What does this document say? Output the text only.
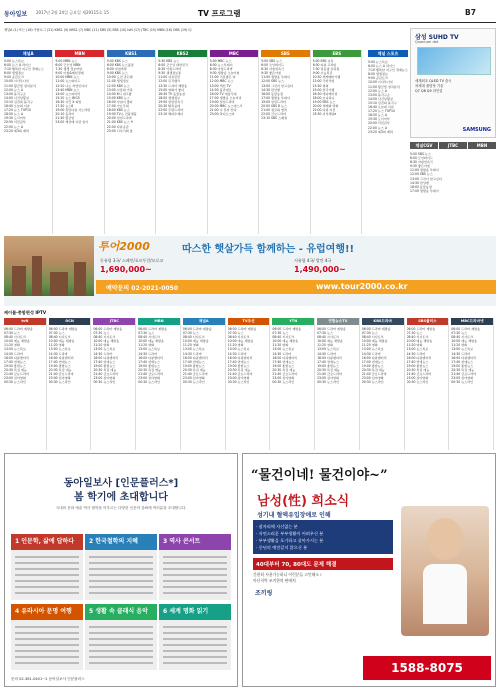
동아일보 2017년 2월 24일 금요일 제29115호 15	TV 프로그램	B7
채널A (1) 또는 (18) 아날로그 (31) KBS1 (9) KBS2 (7) MBC (11) SBS (5) EBS (10) tvN (17) JTBC (15) MBN (16) OBS (19) CJ
채널A
5:00 뉴스특보
6:00 뉴스 A 라이브
7:10 행복한 지구인 경제뉴스
8:00 생생정보
9:00 공감토크
10:00 시사투나잇
11:00 황금빛 정치분석
12:00 뉴스 A
13:00 돌직구쇼
14:00 사건상황실
15:10 김진의 돌직구
16:40 오늘의 이슈
17:20 뉴스 TOP10
18:50 뉴스 A
19:30 도시어부
20:50 서민갑부
22:00 뉴스 A
23:20 제3의 매력
MBN
5:00 MBN 뉴스
6:00 굿모닝 MBN
7:30 생생 정보마당
9:00 아침&매일경제
10:00 MBN 뉴스
11:00 뉴스와이드
12:20 나는 자연인이다
13:40 MBN 뉴스
14:00 뉴스파이터
15:20 뉴스 BIG5
16:30 사건 X 파일
17:30 뉴스8
19:00 휴먼다큐 사노라면
20:10 동치미
21:30 황금알
23:00 세상에 이런 일이
KBS1
5:00 KBS 뉴스
6:00 KBS 뉴스광장
8:00 아침마당
9:00 KBS 뉴스
10:00 도전 골든벨
11:00 생생정보
12:00 KBS 뉴스
13:00 사랑의 가족
14:00 6시 내고향
15:00 KBS 뉴스
16:00 아침이 좋다
17:00 가요무대
18:00 KBS 뉴스
19:00 TV쇼 진품명품
20:00 일일드라마
21:00 KBS 뉴스 9
22:00 다큐공감
23:00 시사기획 창
KBS2
5:30 KBS 뉴스
6:00 굿모닝 대한민국
8:30 아침드라마
9:30 생생정보통
11:00 여유만만
12:00 뮤직뱅크
13:30 드라마 재방송
15:00 영화가 좋다
16:30 TV 동물농장
18:00 생생정보
19:50 일일연속극
20:30 VJ특공대
22:00 주말드라마
23:10 해피투게더
MBC
5:00 MBC 뉴스
6:00 뉴스투데이
8:30 아침드라마
9:30 생방송 오늘아침
11:00 기분좋은 날
12:00 MBC 뉴스
13:00 섹션 TV
14:30 불만제로
16:00 TV 예술무대
17:00 생방송 오늘저녁
19:00 일일드라마
20:00 MBC 뉴스데스크
21:00 나 혼자 산다
23:00 라디오스타
SBS
5:00 SBS 뉴스
6:00 모닝와이드
8:30 아침연속극
9:30 좋은아침
11:00 생방송 투데이
12:00 SBS 뉴스
13:00 그것이 알고싶다
14:30 런닝맨
16:00 동물농장
17:00 생방송 투데이
19:00 일일드라마
20:00 SBS 8 뉴스
21:00 정글의 법칙
22:00 금요드라마
23:10 SBS 스페셜
EBS
5:00 EBS 초목
6:00 다큐 프라임
7:30 딩동댕 유치원
9:00 수능특강
10:30 세계테마기행
12:00 극한직업
13:30 명의
15:00 한국기행
16:30 애니메이션
18:00 보니하니
19:00 EBS 뉴스
20:00 세계의 명화
22:00 다큐 시선
23:30 지식채널e
채널 스포츠
삼성 SUHD TV
Quantum dot
세계최초 QLED TV 출시
차세대 퀀텀닷 기술
Q7 Q8 Q9 라인업
SAMSUNG
5:00 뉴스특보
6:00 뉴스 A 라이브
7:10 행복한 지구인 경제뉴스
8:00 생생정보
9:00 공감토크
10:00 시사투나잇
11:00 황금빛 정치분석
12:00 뉴스 A
13:00 돌직구쇼
14:00 사건상황실
15:10 김진의 돌직구
16:40 오늘의 이슈
17:20 뉴스 TOP10
18:50 뉴스 A
19:30 도시어부
20:50 서민갑부
22:00 뉴스 A
23:20 제3의 매력
채널CGV	JTBC	MBN
5:00 SBS 뉴스
6:00 모닝와이드
8:30 아침연속극
9:30 좋은아침
11:00 생방송 투데이
12:00 SBS 뉴스
13:00 그것이 알고싶다
14:30 런닝맨
16:00 동물농장
17:00 생방송 투데이
투어2000	따스한 햇살가득 함께하는 - 유럽여행!!
동유럽 3국/ 스페인/포르투갈/모로코
1,690,000~
서유럽 4국/ 발칸 4국
1,490,000~
예약문의 02-2021-0050	www.tour2000.co.kr
케이블·종합편성 IPTV
tvN
06:00 드라마 재방송
07:30 뉴스
08:40 시사토크
10:00 예능 재방송
11:20 영화
13:00 뉴스특보
14:30 드라마
16:00 다큐멘터리
17:40 연예뉴스
19:00 종합뉴스
20:30 특집 예능
21:40 금요드라마
23:00 심야영화
00:30 뉴스라인
OCN
06:00 드라마 재방송
07:30 뉴스
08:40 시사토크
10:00 예능 재방송
11:20 영화
13:00 뉴스특보
14:30 드라마
16:00 다큐멘터리
17:40 연예뉴스
19:00 종합뉴스
20:30 특집 예능
21:40 금요드라마
23:00 심야영화
00:30 뉴스라인
JTBC
06:00 드라마 재방송
07:30 뉴스
08:40 시사토크
10:00 예능 재방송
11:20 영화
13:00 뉴스특보
14:30 드라마
16:00 다큐멘터리
17:40 연예뉴스
19:00 종합뉴스
20:30 특집 예능
21:40 금요드라마
23:00 심야영화
00:30 뉴스라인
MBN
06:00 드라마 재방송
07:30 뉴스
08:40 시사토크
10:00 예능 재방송
11:20 영화
13:00 뉴스특보
14:30 드라마
16:00 다큐멘터리
17:40 연예뉴스
19:00 종합뉴스
20:30 특집 예능
21:40 금요드라마
23:00 심야영화
00:30 뉴스라인
채널A
06:00 드라마 재방송
07:30 뉴스
08:40 시사토크
10:00 예능 재방송
11:20 영화
13:00 뉴스특보
14:30 드라마
16:00 다큐멘터리
17:40 연예뉴스
19:00 종합뉴스
20:30 특집 예능
21:40 금요드라마
23:00 심야영화
00:30 뉴스라인
TV조선
06:00 드라마 재방송
07:30 뉴스
08:40 시사토크
10:00 예능 재방송
11:20 영화
13:00 뉴스특보
14:30 드라마
16:00 다큐멘터리
17:40 연예뉴스
19:00 종합뉴스
20:30 특집 예능
21:40 금요드라마
23:00 심야영화
00:30 뉴스라인
YTN
06:00 드라마 재방송
07:30 뉴스
08:40 시사토크
10:00 예능 재방송
11:20 영화
13:00 뉴스특보
14:30 드라마
16:00 다큐멘터리
17:40 연예뉴스
19:00 종합뉴스
20:30 특집 예능
21:40 금요드라마
23:00 심야영화
00:30 뉴스라인
연합뉴스TV
06:00 드라마 재방송
07:30 뉴스
08:40 시사토크
10:00 예능 재방송
11:20 영화
13:00 뉴스특보
14:30 드라마
16:00 다큐멘터리
17:40 연예뉴스
19:00 종합뉴스
20:30 특집 예능
21:40 금요드라마
23:00 심야영화
00:30 뉴스라인
KBS드라마
06:00 드라마 재방송
07:30 뉴스
08:40 시사토크
10:00 예능 재방송
11:20 영화
13:00 뉴스특보
14:30 드라마
16:00 다큐멘터리
17:40 연예뉴스
19:00 종합뉴스
20:30 특집 예능
21:40 금요드라마
23:00 심야영화
00:30 뉴스라인
SBS플러스
06:00 드라마 재방송
07:30 뉴스
08:40 시사토크
10:00 예능 재방송
11:20 영화
13:00 뉴스특보
14:30 드라마
16:00 다큐멘터리
17:40 연예뉴스
19:00 종합뉴스
20:30 특집 예능
21:40 금요드라마
23:00 심야영화
00:30 뉴스라인
MBC드라마넷
06:00 드라마 재방송
07:30 뉴스
08:40 시사토크
10:00 예능 재방송
11:20 영화
13:00 뉴스특보
14:30 드라마
16:00 다큐멘터리
17:40 연예뉴스
19:00 종합뉴스
20:30 특집 예능
21:40 금요드라마
23:00 심야영화
00:30 뉴스라인
동아일보사 [인문플러스*]
봄 학기에 초대합니다
국내외 문화 예술 역사 철학을 아우르는 다양한 인문학 강좌에 여러분을 초대합니다.
1 인문학, 삶에 답하다	2 한국철학의 지혜	3 역사 콘서트
4 유라시아 문명 여행	5 생활 속 클래식 음악	6 세계 명화 읽기
문의 02-361-0401~2 동아일보사 인문플러스
“물건이네! 물건이야~”
남성(性) 희소식
성기내 혈액유입장애로 인해
· 잠자리에 자신없는 분
· 자연스러운 부부생활이 어려우신 분
· 부부생활을 포기하고 살아가시는 분
· 중년의 예전같지 않으신 분
40대부터 70, 80대도 문제 해결
간편히 사용가능하니 이런분들 고민해소 !
마산지역 조끼한의 판매처
조끼링
1588-8075
